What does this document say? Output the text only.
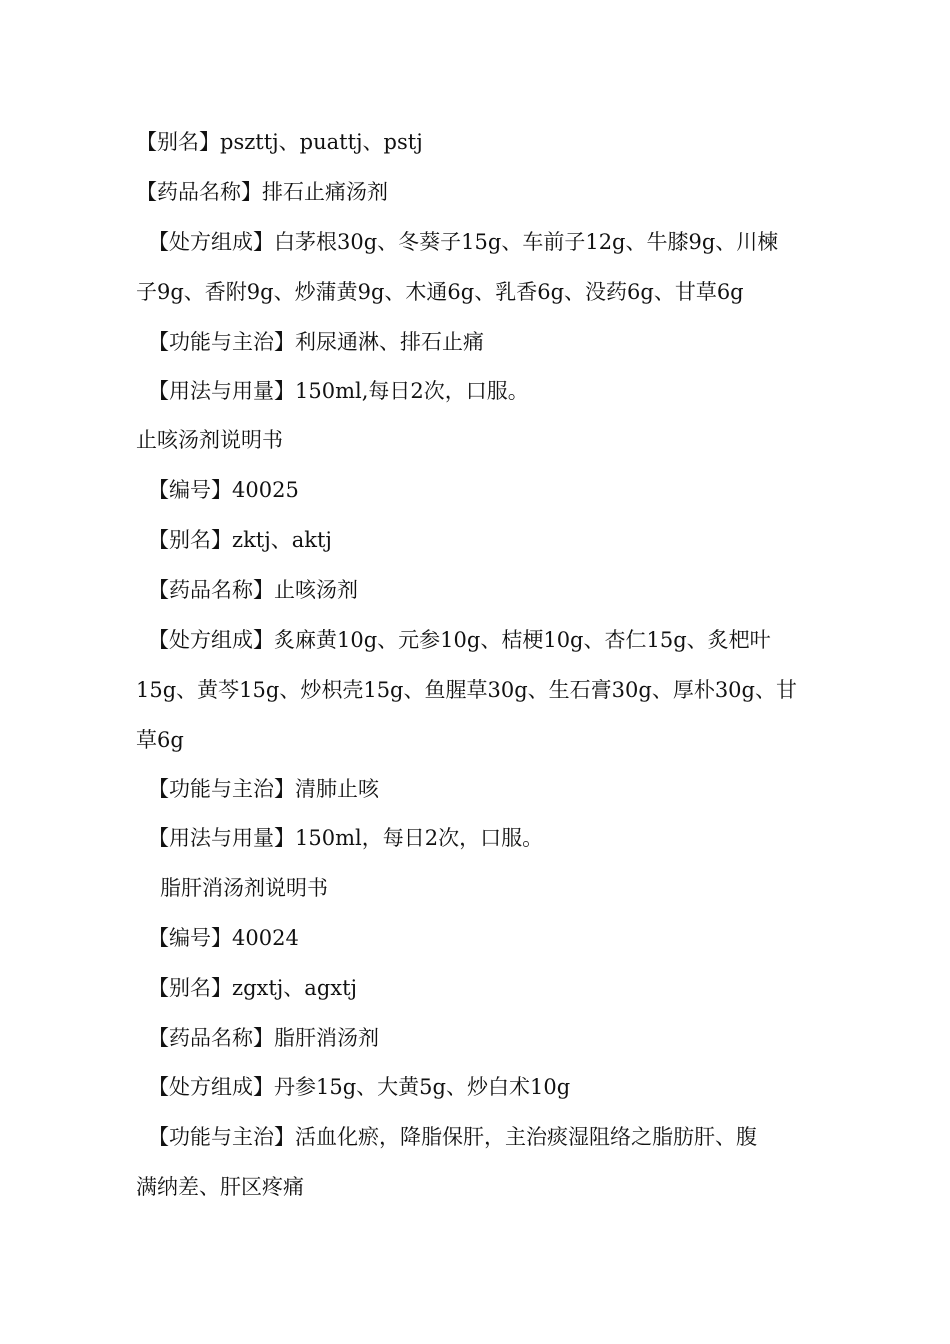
【别名】pszttj、puattj、pstj
【药品名称】排石止痛汤剂
【处方组成】白茅根30g、冬葵子15g、车前子12g、牛膝9g、川楝
子9g、香附9g、炒蒲黄9g、木通6g、乳香6g、没药6g、甘草6g
【功能与主治】利尿通淋、排石止痛
【用法与用量】150ml,每日2次，口服。
止咳汤剂说明书
【编号】40025
【别名】zktj、aktj
【药品名称】止咳汤剂
【处方组成】炙麻黄10g、元参10g、桔梗10g、杏仁15g、炙杷叶
15g、黄芩15g、炒枳壳15g、鱼腥草30g、生石膏30g、厚朴30g、甘
草6g
【功能与主治】清肺止咳
【用法与用量】150ml，每日2次，口服。
脂肝消汤剂说明书
【编号】40024
【别名】zgxtj、agxtj
【药品名称】脂肝消汤剂
【处方组成】丹参15g、大黄5g、炒白术10g
【功能与主治】活血化瘀，降脂保肝，主治痰湿阻络之脂肪肝、腹
满纳差、肝区疼痛
